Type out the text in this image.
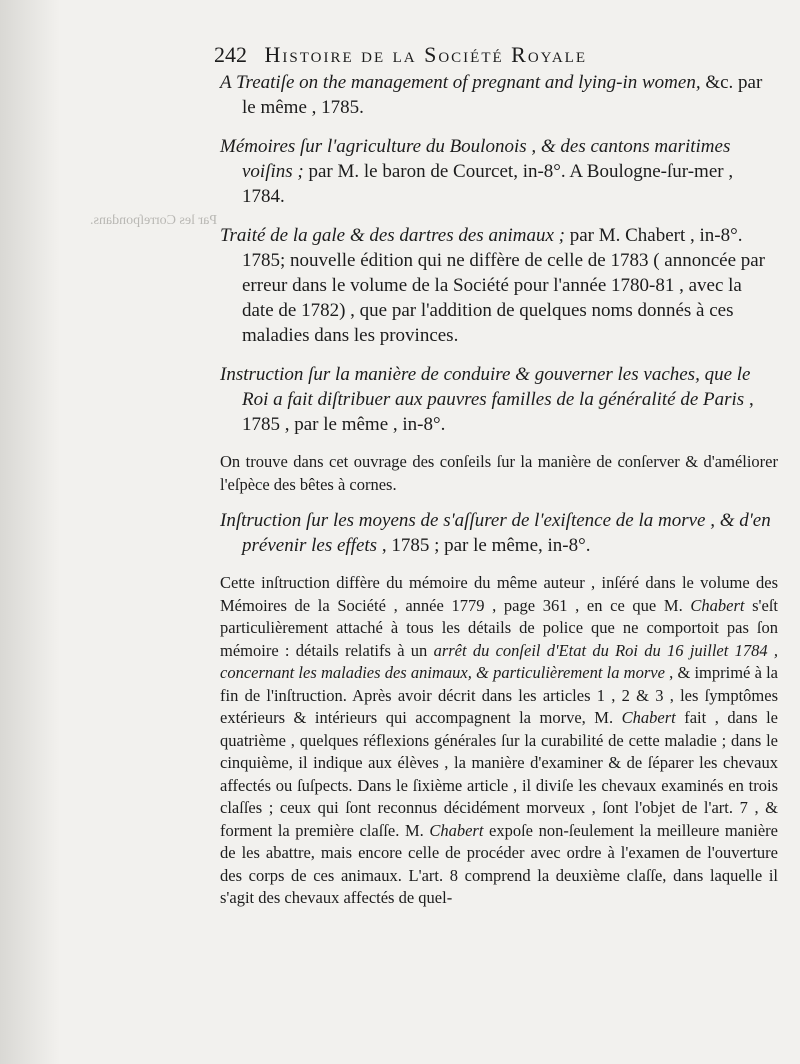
Par les Correſpondans.
242 Histoire de la Société Royale

A Treatiſe on the management of pregnant and lying-in women, &c. par le même , 1785.

Mémoires ſur l'agriculture du Boulonois , & des cantons maritimes voiſins ; par M. le baron de Courcet, in-8°. A Boulogne-ſur-mer , 1784.

Traité de la gale & des dartres des animaux ; par M. Chabert , in-8°. 1785; nouvelle édition qui ne diffère de celle de 1783 ( annoncée par erreur dans le volume de la Société pour l'année 1780-81 , avec la date de 1782) , que par l'addition de quelques noms donnés à ces maladies dans les provinces.

Instruction ſur la manière de conduire & gouverner les vaches, que le Roi a fait diſtribuer aux pauvres familles de la généralité de Paris , 1785 , par le même , in-8°.

On trouve dans cet ouvrage des conſeils ſur la manière de conſerver & d'améliorer l'eſpèce des bêtes à cornes.

Inſtruction ſur les moyens de s'aſſurer de l'exiſtence de la morve , & d'en prévenir les effets , 1785 ; par le même, in-8°.

Cette inſtruction diffère du mémoire du même auteur , inſéré dans le volume des Mémoires de la Société , année 1779 , page 361 , en ce que M. Chabert s'eſt particulièrement attaché à tous les détails de police que ne comportoit pas ſon mémoire : détails relatifs à un arrêt du conſeil d'Etat du Roi du 16 juillet 1784 , concernant les maladies des animaux, & particulièrement la morve , & imprimé à la fin de l'inſtruction. Après avoir décrit dans les articles 1 , 2 & 3 , les ſymptômes extérieurs & intérieurs qui accompagnent la morve, M. Chabert fait , dans le quatrième , quelques réflexions générales ſur la curabilité de cette maladie ; dans le cinquième, il indique aux élèves , la manière d'examiner & de ſéparer les chevaux affectés ou ſuſpects. Dans le ſixième article , il diviſe les chevaux examinés en trois claſſes ; ceux qui ſont reconnus décidément morveux , ſont l'objet de l'art. 7 , & forment la première claſſe. M. Chabert expoſe non-ſeulement la meilleure manière de les abattre, mais encore celle de procéder avec ordre à l'examen de l'ouverture des corps de ces animaux. L'art. 8 comprend la deuxième claſſe, dans laquelle il s'agit des chevaux affectés de quel-
